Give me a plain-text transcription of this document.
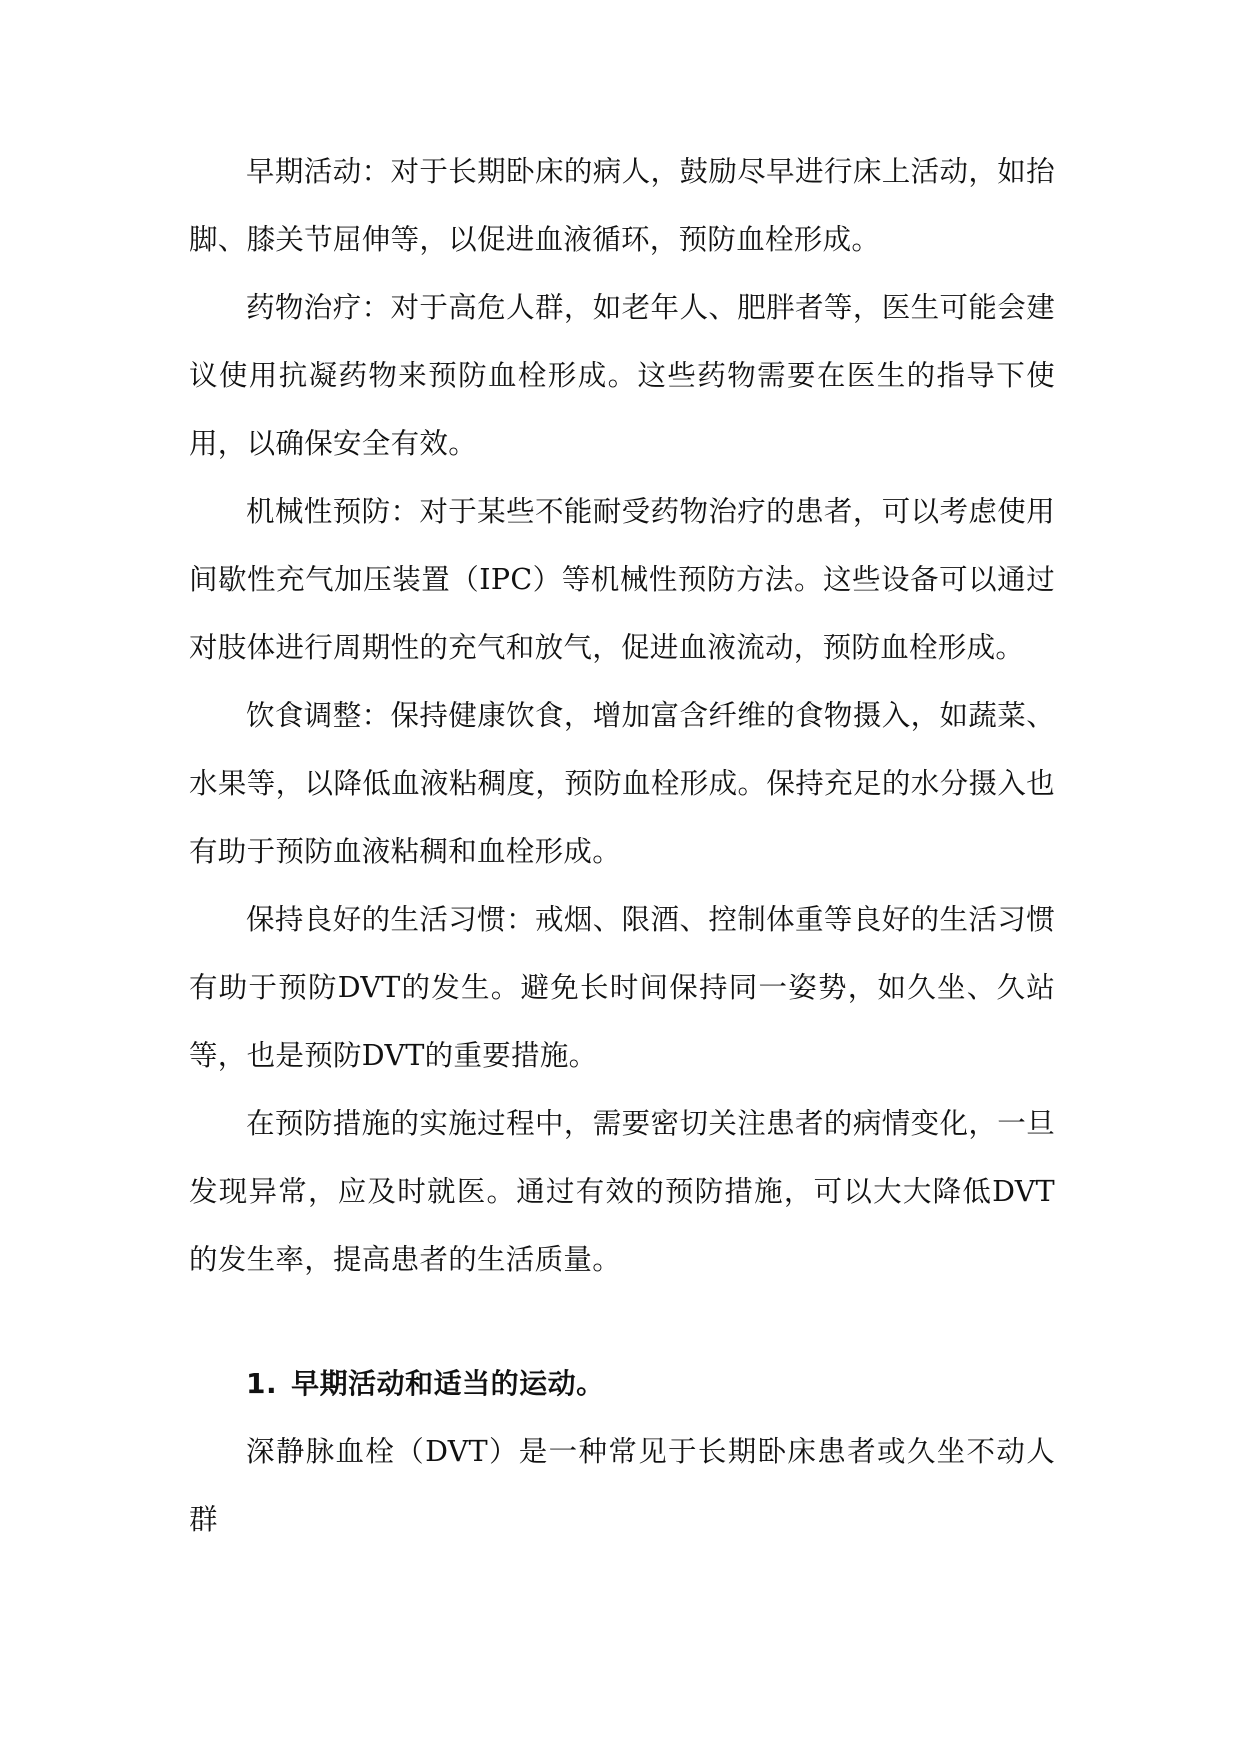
早期活动：对于长期卧床的病人，鼓励尽早进行床上活动，如抬脚、膝关节屈伸等，以促进血液循环，预防血栓形成。

药物治疗：对于高危人群，如老年人、肥胖者等，医生可能会建议使用抗凝药物来预防血栓形成。这些药物需要在医生的指导下使用，以确保安全有效。

机械性预防：对于某些不能耐受药物治疗的患者，可以考虑使用间歇性充气加压装置（IPC）等机械性预防方法。这些设备可以通过对肢体进行周期性的充气和放气，促进血液流动，预防血栓形成。

饮食调整：保持健康饮食，增加富含纤维的食物摄入，如蔬菜、水果等，以降低血液粘稠度，预防血栓形成。保持充足的水分摄入也有助于预防血液粘稠和血栓形成。

保持良好的生活习惯：戒烟、限酒、控制体重等良好的生活习惯有助于预防DVT的发生。避免长时间保持同一姿势，如久坐、久站等，也是预防DVT的重要措施。

在预防措施的实施过程中，需要密切关注患者的病情变化，一旦发现异常，应及时就医。通过有效的预防措施，可以大大降低DVT的发生率，提高患者的生活质量。

1. 早期活动和适当的运动。

深静脉血栓（DVT）是一种常见于长期卧床患者或久坐不动人群
